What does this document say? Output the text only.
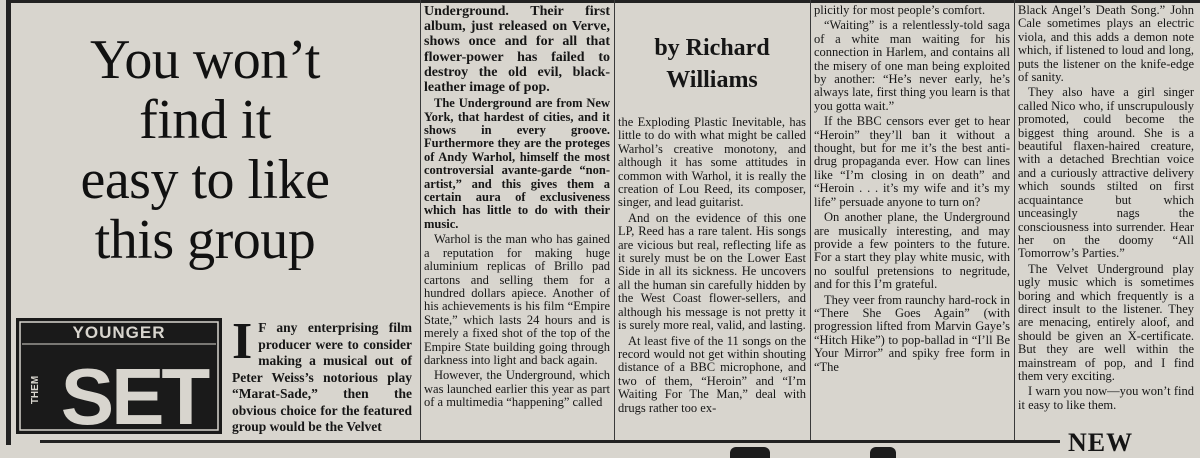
You won’t
find it
easy to like
this group
YOUNGER
THEM SET
I F any enterprising film producer were to consider making a musical out of Peter Weiss’s notorious play “Marat-Sade,” then the obvious choice for the featured group would be the Velvet

Underground. Their first album, just released on Verve, shows once and for all that flower-power has failed to destroy the old evil, black-leather image of pop.

The Underground are from New York, that hardest of cities, and it shows in every groove. Furthermore they are the proteges of Andy Warhol, himself the most controversial avante-garde “non-artist,” and this gives them a certain aura of exclusiveness which has little to do with their music.

Warhol is the man who has gained a reputation for making huge aluminium replicas of Brillo pad cartons and selling them for a hundred dollars apiece. Another of his achievements is his film “Empire State,” which lasts 24 hours and is merely a fixed shot of the top of the Empire State building going through darkness into light and back again.

However, the Underground, which was launched earlier this year as part of a multimedia “happening” called

by Richard
Williams

the Exploding Plastic Inevitable, has little to do with what might be called Warhol’s creative monotony, and although it has some attitudes in common with Warhol, it is really the creation of Lou Reed, its composer, singer, and lead guitarist.

And on the evidence of this one LP, Reed has a rare talent. His songs are vicious but real, reflecting life as it surely must be on the Lower East Side in all its sickness. He uncovers all the human sin carefully hidden by the West Coast flower-sellers, and although his message is not pretty it is surely more real, valid, and lasting.

At least five of the 11 songs on the record would not get within shouting distance of a BBC microphone, and two of them, “Heroin” and “I’m Waiting For The Man,” deal with drugs rather too ex-

plicitly for most people’s comfort.

“Waiting” is a relentlessly-told saga of a white man waiting for his connection in Harlem, and contains all the misery of one man being exploited by another: “He’s never early, he’s always late, first thing you learn is that you gotta wait.”

If the BBC censors ever get to hear “Heroin” they’ll ban it without a thought, but for me it’s the best anti-drug propaganda ever. How can lines like “I’m closing in on death” and “Heroin . . . it’s my wife and it’s my life” persuade anyone to turn on?

On another plane, the Underground are musically interesting, and may provide a few pointers to the future. For a start they play white music, with no soulful pretensions to negritude, and for this I’m grateful.

They veer from raunchy hard-rock in “There She Goes Again” (with progression lifted from Marvin Gaye’s “Hitch Hike”) to pop-ballad in “I’ll Be Your Mirror” and spiky free form in “The

Black Angel’s Death Song.” John Cale sometimes plays an electric viola, and this adds a demon note which, if listened to loud and long, puts the listener on the knife-edge of sanity.

They also have a girl singer called Nico who, if unscrupulously promoted, could become the biggest thing around. She is a beautiful flaxen-haired creature, with a detached Brechtian voice and a curiously attractive delivery which sounds stilted on first acquaintance but which unceasingly nags the consciousness into surrender. Hear her on the doomy “All Tomorrow’s Parties.”

The Velvet Underground play ugly music which is sometimes boring and which frequently is a direct insult to the listener. They are menacing, entirely aloof, and should be given an X-certificate. But they are well within the mainstream of pop, and I find them very exciting.

I warn you now—you won’t find it easy to like them.

NEW
